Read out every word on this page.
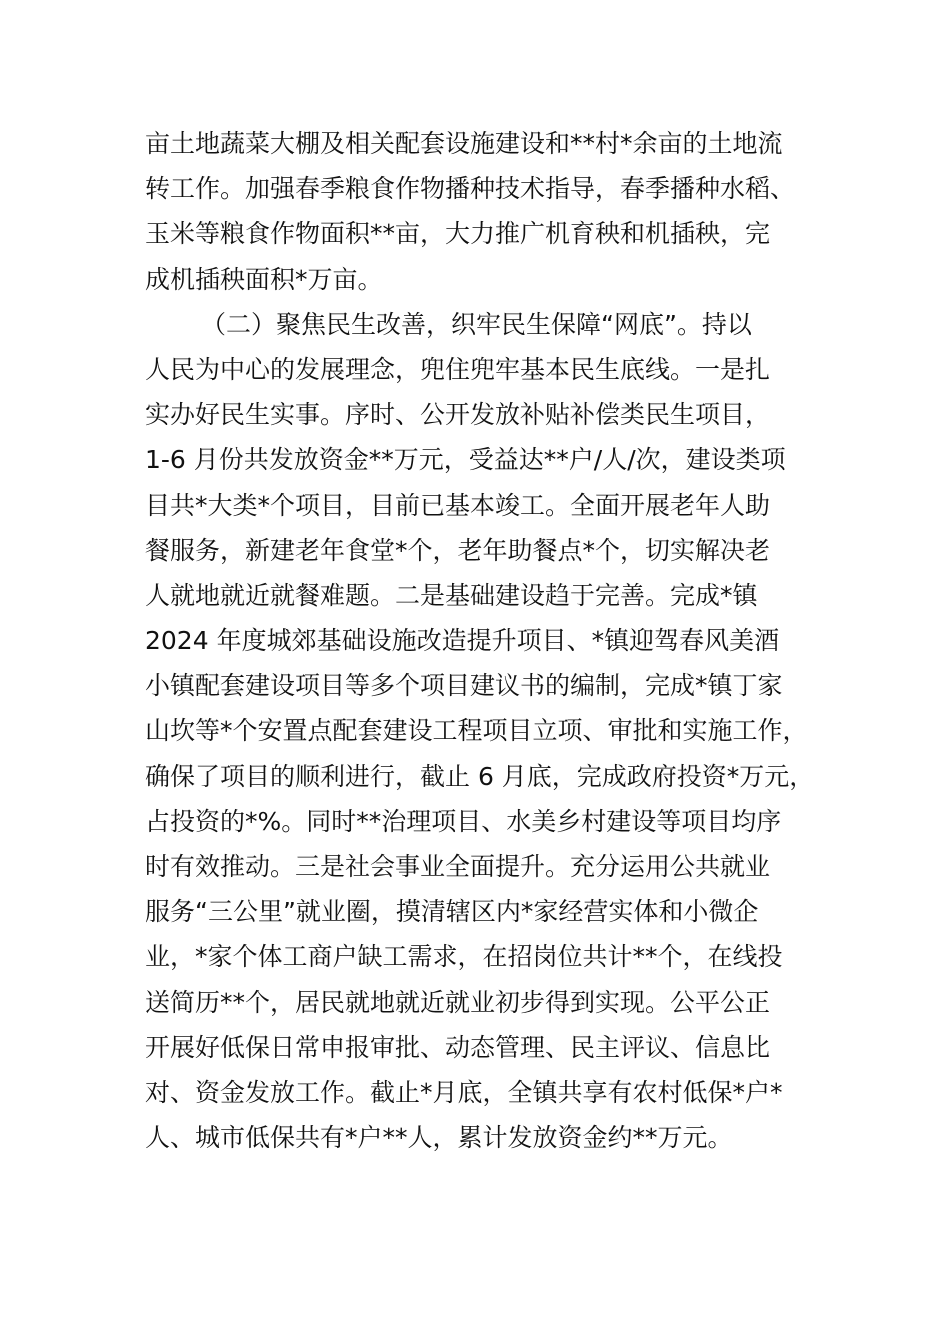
亩土地蔬菜大棚及相关配套设施建设和**村*余亩的土地流
转工作。加强春季粮食作物播种技术指导，春季播种水稻、
玉米等粮食作物面积**亩，大力推广机育秧和机插秧，完
成机插秧面积*万亩。
（二）聚焦民生改善，织牢民生保障“网底”。持以
人民为中心的发展理念，兜住兜牢基本民生底线。一是扎
实办好民生实事。序时、公开发放补贴补偿类民生项目，
1-6 月份共发放资金**万元，受益达**户/人/次，建设类项
目共*大类*个项目，目前已基本竣工。全面开展老年人助
餐服务，新建老年食堂*个，老年助餐点*个，切实解决老
人就地就近就餐难题。二是基础建设趋于完善。完成*镇
2024 年度城郊基础设施改造提升项目、*镇迎驾春风美酒
小镇配套建设项目等多个项目建议书的编制，完成*镇丁家
山坎等*个安置点配套建设工程项目立项、审批和实施工作，
确保了项目的顺利进行，截止 6 月底，完成政府投资*万元，
占投资的*%。同时**治理项目、水美乡村建设等项目均序
时有效推动。三是社会事业全面提升。充分运用公共就业
服务“三公里”就业圈，摸清辖区内*家经营实体和小微企
业，*家个体工商户缺工需求，在招岗位共计**个，在线投
送简历**个，居民就地就近就业初步得到实现。公平公正
开展好低保日常申报审批、动态管理、民主评议、信息比
对、资金发放工作。截止*月底，全镇共享有农村低保*户*
人、城市低保共有*户**人，累计发放资金约**万元。
